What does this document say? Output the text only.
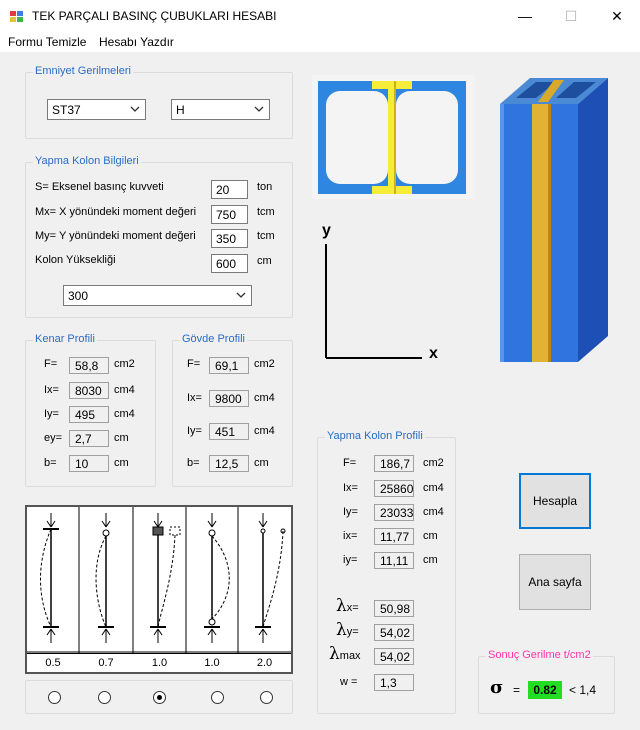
TEK PARÇALI BASINÇ ÇUBUKLARI HESABI	—	☐	✕
Formu Temizle Hesabı Yazdır
Emniyet Gerilmeleri
ST37	H
Yapma Kolon Bilgileri
S= Eksenel basınç kuvveti	20	ton
Mx= X yönündeki moment değeri	750	tcm
My= Y yönündeki moment değeri	350	tcm
Kolon Yüksekliği	600	cm
300
Kenar Profili
F=	58,8	cm2
Ix=	8030	cm4
Iy=	495	cm4
ey=	2,7	cm
b=	10	cm
Gövde Profili
F=	69,1	cm2
Ix=	9800	cm4
Iy=	451	cm4
b=	12,5	cm
y
x
Yapma Kolon Profili
F=	186,7	cm2
Ix=	25860 cm4
Iy=	23033 cm4
ix=	11,77	cm
iy=	11,11	cm
λx=	50,98
λy=	54,02
λmax	54,02
w =	1,3
Hesapla
Ana sayfa
Sonuç Gerilme t/cm2
σ =	0.82	< 1,4
0.5	0.7	1.0	1.0	2.0
